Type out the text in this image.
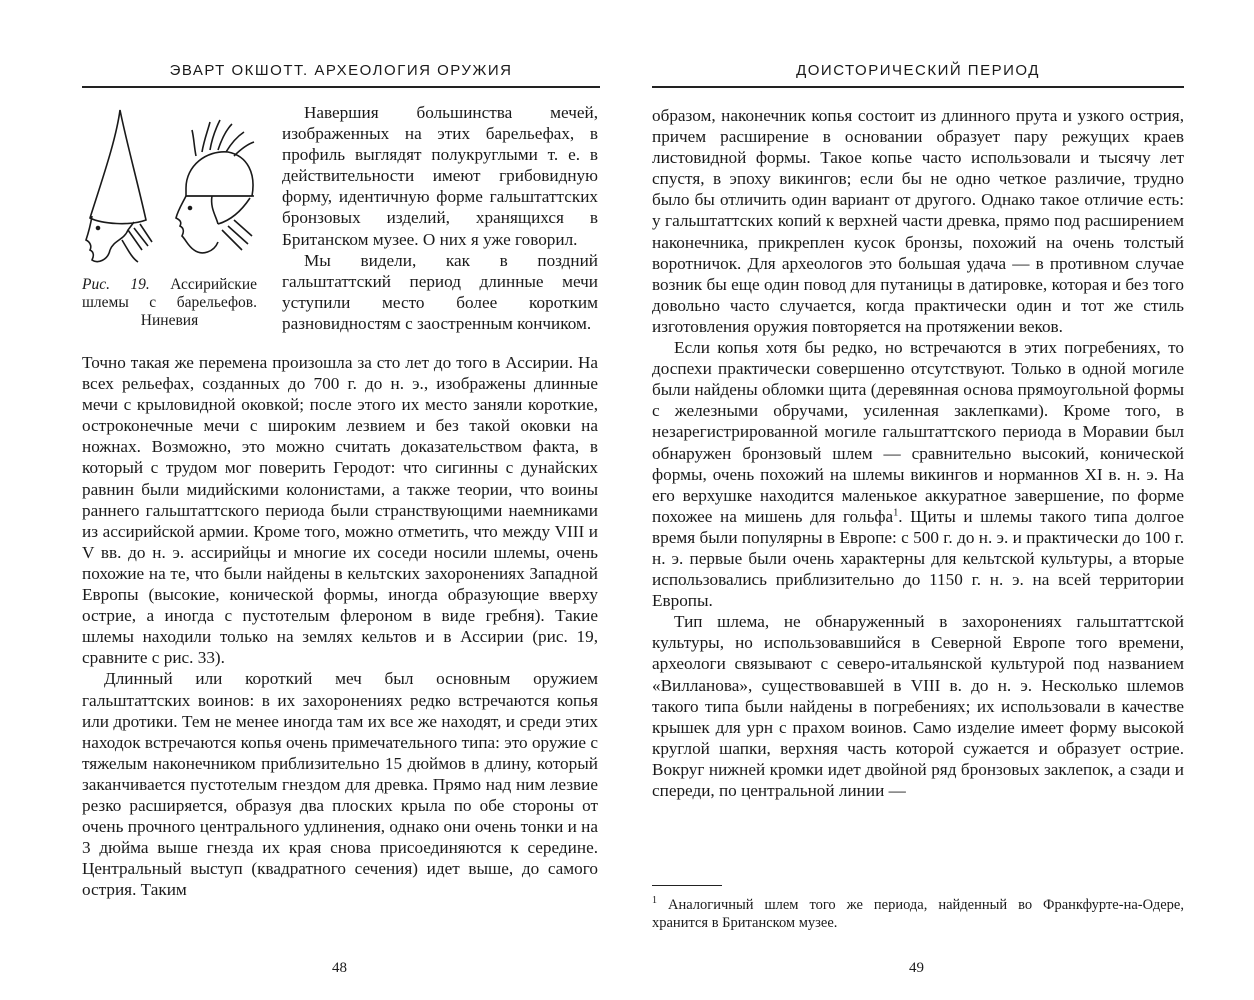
ЭВАРТ ОКШОТТ. АРХЕОЛОГИЯ ОРУЖИЯ
Рис. 19. Ассирийские шлемы с барельефов. Ниневия

Навершия большинства мечей, изображенных на этих барельефах, в профиль выглядят полукруглыми т. е. в действительности имеют грибовидную форму, идентичную форме гальштаттских бронзовых изделий, хранящихся в Британском музее. О них я уже говорил.

Мы видели, как в поздний гальштаттский период длинные мечи уступили место более коротким разновидностям с заостренным кончиком.

Точно такая же перемена произошла за сто лет до того в Ассирии. На всех рельефах, созданных до 700 г. до н. э., изображены длинные мечи с крыловидной оковкой; после этого их место заняли короткие, остроконечные мечи с широким лезвием и без такой оковки на ножнах. Возможно, это можно считать доказательством факта, в который с трудом мог поверить Геродот: что сигинны с дунайских равнин были мидийскими колонистами, а также теории, что воины раннего гальштаттского периода были странствующими наемниками из ассирийской армии. Кроме того, можно отметить, что между VIII и V вв. до н. э. ассирийцы и многие их соседи носили шлемы, очень похожие на те, что были найдены в кельтских захоронениях Западной Европы (высокие, конической формы, иногда образующие вверху острие, а иногда с пустотелым флероном в виде гребня). Такие шлемы находили только на землях кельтов и в Ассирии (рис. 19, сравните с рис. 33).

Длинный или короткий меч был основным оружием гальштаттских воинов: в их захоронениях редко встречаются копья или дротики. Тем не менее иногда там их все же находят, и среди этих находок встречаются копья очень примечательного типа: это оружие с тяжелым наконечником приблизительно 15 дюймов в длину, который заканчивается пустотелым гнездом для древка. Прямо над ним лезвие резко расширяется, образуя два плоских крыла по обе стороны от очень прочного центрального удлинения, однако они очень тонки и на 3 дюйма выше гнезда их края снова присоединяются к середине. Центральный выступ (квадратного сечения) идет выше, до самого острия. Таким

48
ДОИСТОРИЧЕСКИЙ ПЕРИОД

образом, наконечник копья состоит из длинного прута и узкого острия, причем расширение в основании образует пару режущих краев листовидной формы. Такое копье часто использовали и тысячу лет спустя, в эпоху викингов; если бы не одно четкое различие, трудно было бы отличить один вариант от другого. Однако такое отличие есть: у гальштаттских копий к верхней части древка, прямо под расширением наконечника, прикреплен кусок бронзы, похожий на очень толстый воротничок. Для археологов это большая удача — в противном случае возник бы еще один повод для путаницы в датировке, которая и без того довольно часто случается, когда практически один и тот же стиль изготовления оружия повторяется на протяжении веков.

Если копья хотя бы редко, но встречаются в этих погребениях, то доспехи практически совершенно отсутствуют. Только в одной могиле были найдены обломки щита (деревянная основа прямоугольной формы с железными обручами, усиленная заклепками). Кроме того, в незарегистрированной могиле гальштаттского периода в Моравии был обнаружен бронзовый шлем — сравнительно высокий, конической формы, очень похожий на шлемы викингов и норманнов XI в. н. э. На его верхушке находится маленькое аккуратное завершение, по форме похожее на мишень для гольфа$^1$. Щиты и шлемы такого типа долгое время были популярны в Европе: с 500 г. до н. э. и практически до 100 г. н. э. первые были очень характерны для кельтской культуры, а вторые использовались приблизительно до 1150 г. н. э. на всей территории Европы.

Тип шлема, не обнаруженный в захоронениях гальштаттской культуры, но использовавшийся в Северной Европе того времени, археологи связывают с северо-итальянской культурой под названием «Вилланова», существовавшей в VIII в. до н. э. Несколько шлемов такого типа были найдены в погребениях; их использовали в качестве крышек для урн с прахом воинов. Само изделие имеет форму высокой круглой шапки, верхняя часть которой сужается и образует острие. Вокруг нижней кромки идет двойной ряд бронзовых заклепок, а сзади и спереди, по центральной линии —

$^1$ Аналогичный шлем того же периода, найденный во Франкфурте-на-Одере, хранится в Британском музее.
49
